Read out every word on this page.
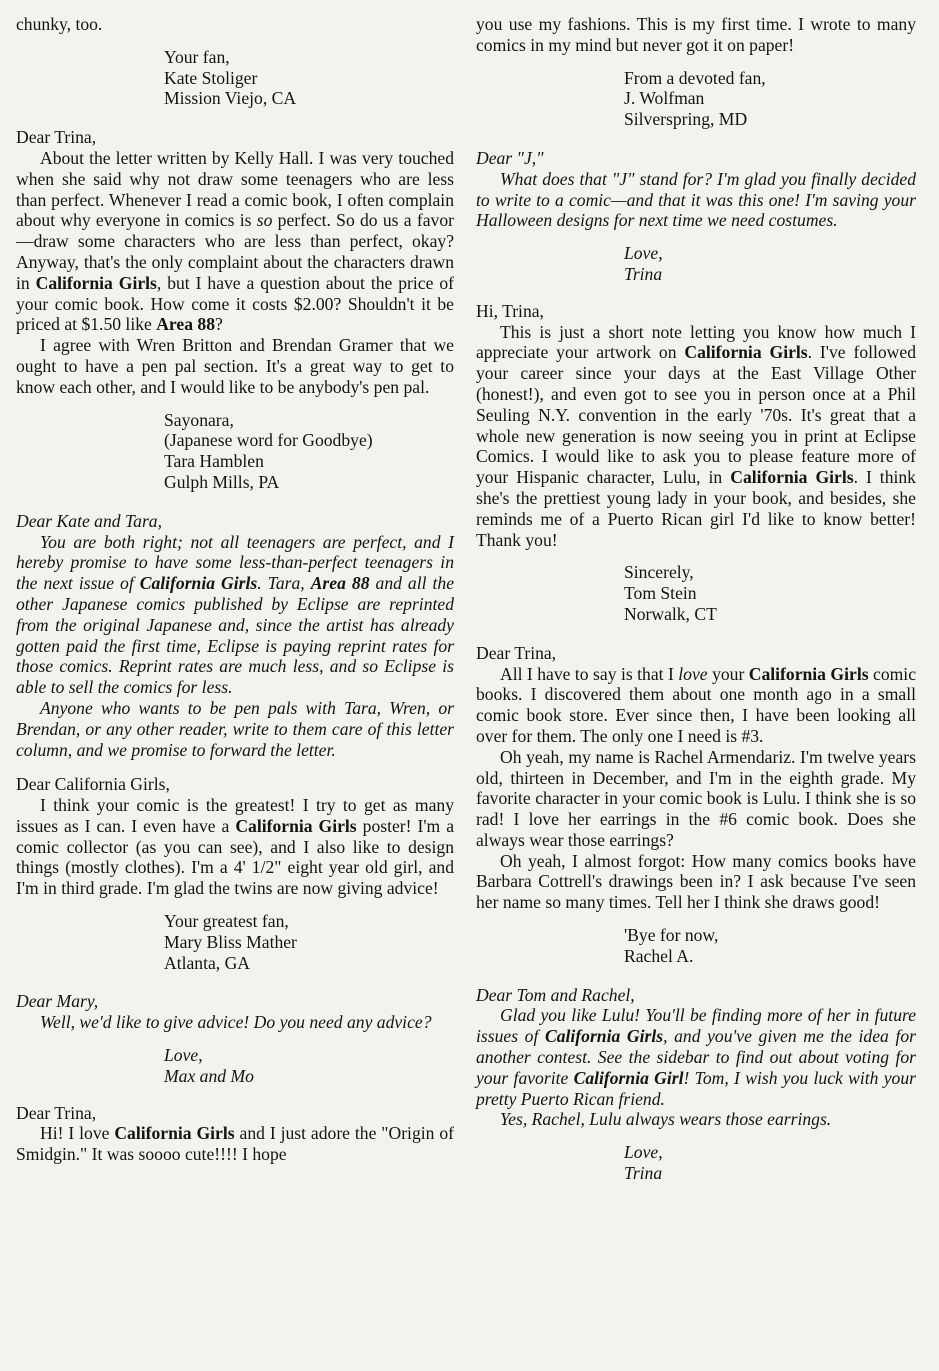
chunky, too.

Your fan,

Kate Stoliger

Mission Viejo, CA

Dear Trina,

About the letter written by Kelly Hall. I was very touched when she said why not draw some teenagers who are less than perfect. Whenever I read a comic book, I often complain about why everyone in comics is so perfect. So do us a favor—draw some characters who are less than perfect, okay? Anyway, that's the only complaint about the characters drawn in California Girls, but I have a question about the price of your comic book. How come it costs $2.00? Shouldn't it be priced at $1.50 like Area 88?

I agree with Wren Britton and Brendan Gramer that we ought to have a pen pal section. It's a great way to get to know each other, and I would like to be anybody's pen pal.

Sayonara,

(Japanese word for Goodbye)

Tara Hamblen

Gulph Mills, PA

Dear Kate and Tara,

You are both right; not all teenagers are perfect, and I hereby promise to have some less-than-perfect teenagers in the next issue of California Girls. Tara, Area 88 and all the other Japanese comics published by Eclipse are reprinted from the original Japanese and, since the artist has already gotten paid the first time, Eclipse is paying reprint rates for those comics. Reprint rates are much less, and so Eclipse is able to sell the comics for less.

Anyone who wants to be pen pals with Tara, Wren, or Brendan, or any other reader, write to them care of this letter column, and we promise to forward the letter.

Dear California Girls,

I think your comic is the greatest! I try to get as many issues as I can. I even have a California Girls poster! I'm a comic collector (as you can see), and I also like to design things (mostly clothes). I'm a 4' 1/2" eight year old girl, and I'm in third grade. I'm glad the twins are now giving advice!

Your greatest fan,

Mary Bliss Mather

Atlanta, GA

Dear Mary,

Well, we'd like to give advice! Do you need any advice?

Love,

Max and Mo

Dear Trina,

Hi! I love California Girls and I just adore the "Origin of Smidgin." It was soooo cute!!!! I hope

you use my fashions. This is my first time. I wrote to many comics in my mind but never got it on paper!

From a devoted fan,

J. Wolfman

Silverspring, MD

Dear "J,"

What does that "J" stand for? I'm glad you finally decided to write to a comic—and that it was this one! I'm saving your Halloween designs for next time we need costumes.

Love,

Trina

Hi, Trina,

This is just a short note letting you know how much I appreciate your artwork on California Girls. I've followed your career since your days at the East Village Other (honest!), and even got to see you in person once at a Phil Seuling N.Y. convention in the early '70s. It's great that a whole new generation is now seeing you in print at Eclipse Comics. I would like to ask you to please feature more of your Hispanic character, Lulu, in California Girls. I think she's the prettiest young lady in your book, and besides, she reminds me of a Puerto Rican girl I'd like to know better! Thank you!

Sincerely,

Tom Stein

Norwalk, CT

Dear Trina,

All I have to say is that I love your California Girls comic books. I discovered them about one month ago in a small comic book store. Ever since then, I have been looking all over for them. The only one I need is #3.

Oh yeah, my name is Rachel Armendariz. I'm twelve years old, thirteen in December, and I'm in the eighth grade. My favorite character in your comic book is Lulu. I think she is so rad! I love her earrings in the #6 comic book. Does she always wear those earrings?

Oh yeah, I almost forgot: How many comics books have Barbara Cottrell's drawings been in? I ask because I've seen her name so many times. Tell her I think she draws good!

'Bye for now,

Rachel A.

Dear Tom and Rachel,

Glad you like Lulu! You'll be finding more of her in future issues of California Girls, and you've given me the idea for another contest. See the sidebar to find out about voting for your favorite California Girl! Tom, I wish you luck with your pretty Puerto Rican friend.

Yes, Rachel, Lulu always wears those earrings.

Love,

Trina
